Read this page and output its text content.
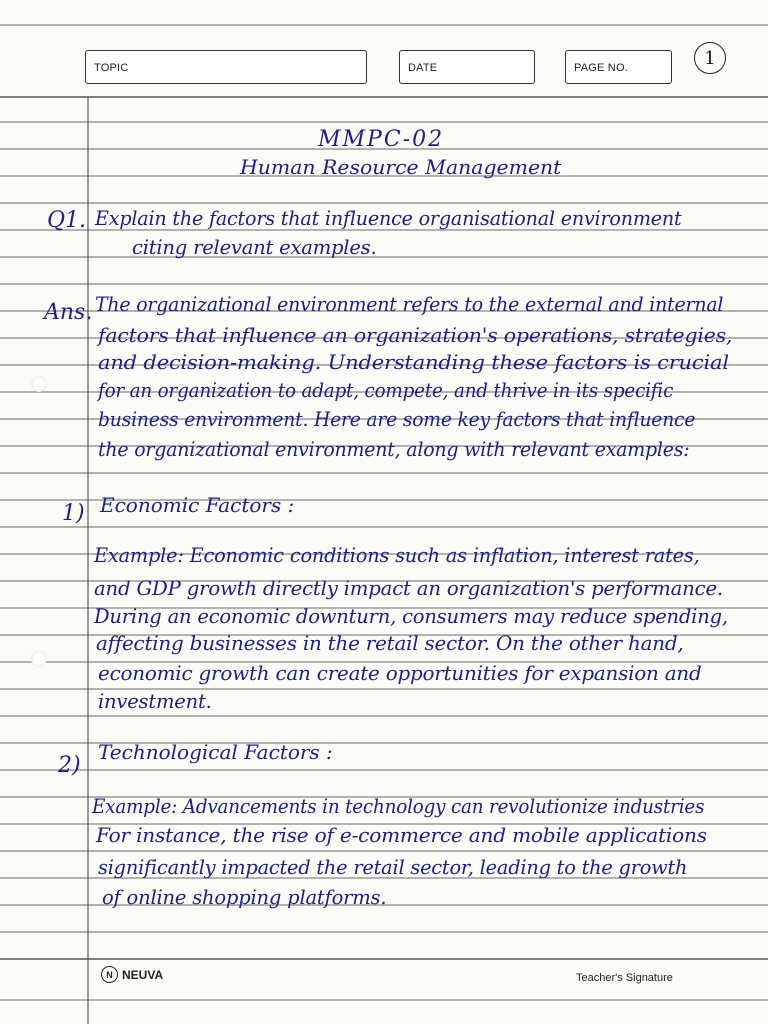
TOPIC	DATE	PAGE NO.	1
MMPC-02
Human Resource Management
Q1. Explain the factors that influence organisational environment
citing relevant examples.
Ans. The organizational environment refers to the external and internal
factors that influence an organization's operations, strategies,
and decision-making. Understanding these factors is crucial
for an organization to adapt, compete, and thrive in its specific
business environment. Here are some key factors that influence
the organizational environment, along with relevant examples:
1) Economic Factors :
Example: Economic conditions such as inflation, interest rates,
and GDP growth directly impact an organization's performance.
During an economic downturn, consumers may reduce spending,
affecting businesses in the retail sector. On the other hand,
economic growth can create opportunities for expansion and
investment.
2)
Technological Factors :
Example: Advancements in technology can revolutionize industries
For instance, the rise of e-commerce and mobile applications
significantly impacted the retail sector, leading to the growth
of online shopping platforms.
N NEUVA	Teacher's Signature
